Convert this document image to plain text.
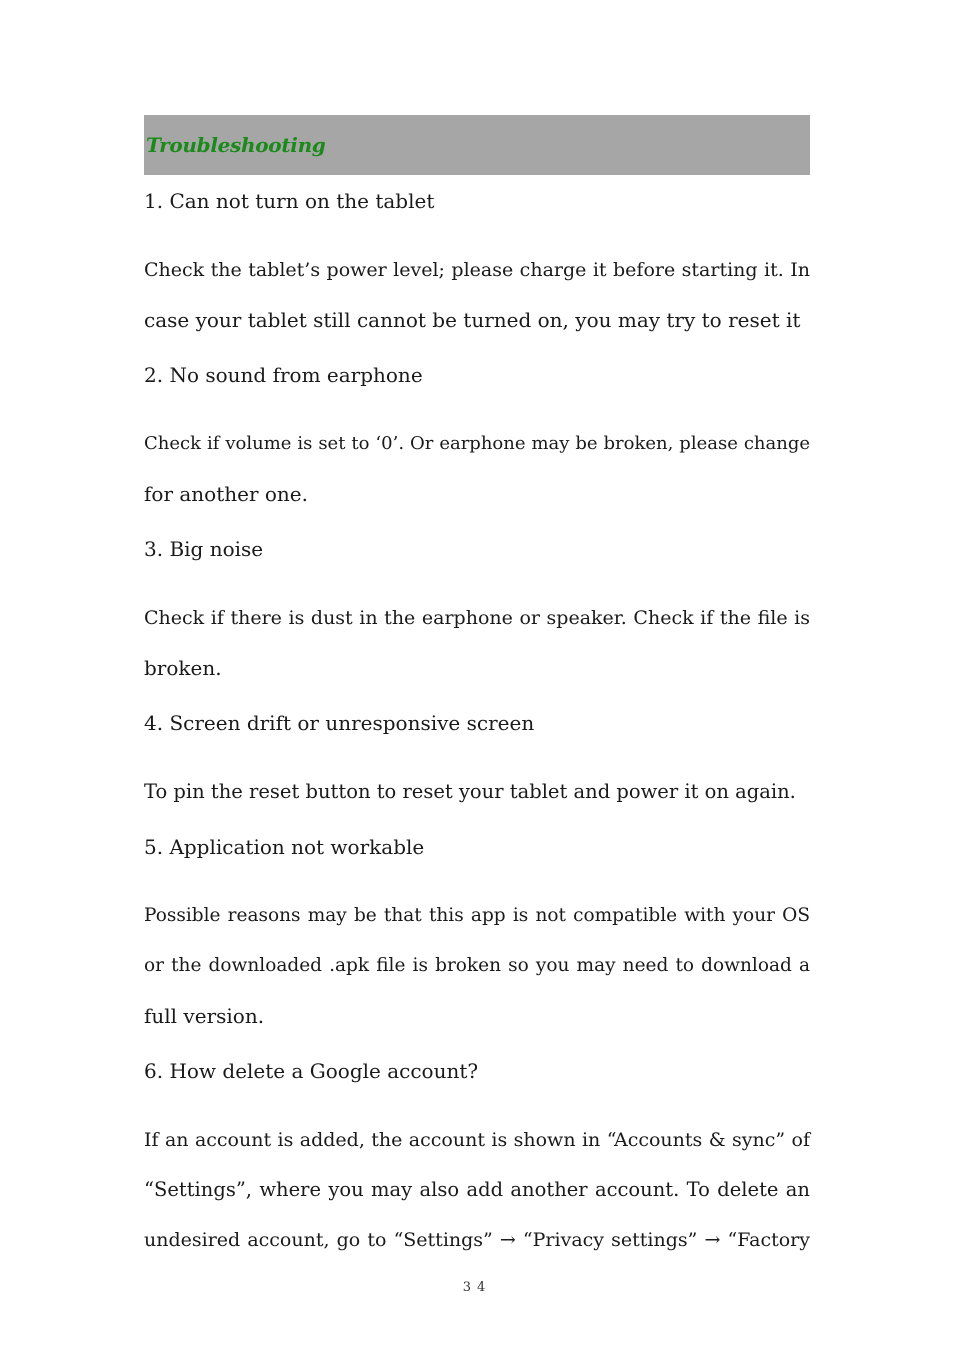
Troubleshooting
1. Can not turn on the tablet
Check the tablet’s power level; please charge it before starting it. In
case your tablet still cannot be turned on, you may try to reset it
2. No sound from earphone
Check if volume is set to ‘0’. Or earphone may be broken, please change
for another one.
3. Big noise
Check if there is dust in the earphone or speaker. Check if the file is
broken.
4. Screen drift or unresponsive screen
To pin the reset button to reset your tablet and power it on again.
5. Application not workable
Possible reasons may be that this app is not compatible with your OS
or the downloaded .apk file is broken so you may need to download a
full version.
6. How delete a Google account?
If an account is added, the account is shown in “Accounts & sync” of
“Settings”, where you may also add another account. To delete an
undesired account, go to “Settings” → “Privacy settings” → “Factory
34
